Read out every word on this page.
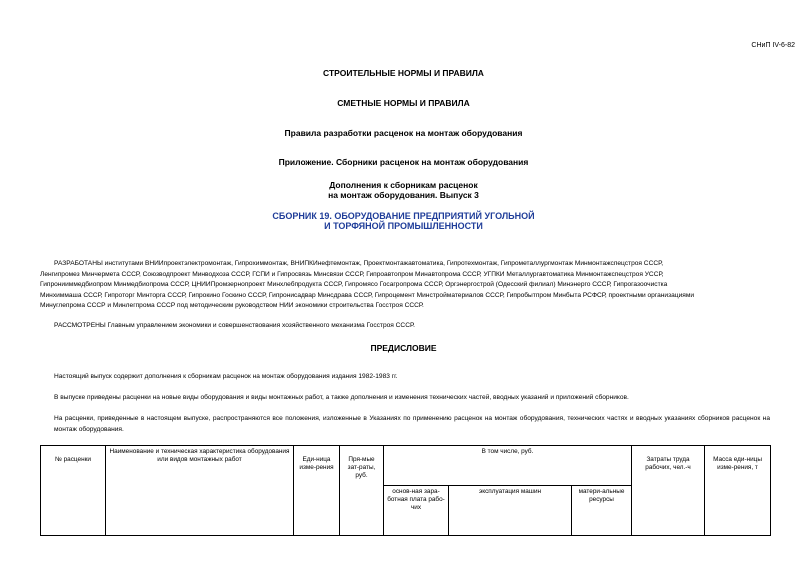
СНиП IV-6-82
СТРОИТЕЛЬНЫЕ НОРМЫ И ПРАВИЛА
СМЕТНЫЕ НОРМЫ И ПРАВИЛА
Правила разработки расценок на монтаж оборудования
Приложение. Сборники расценок на монтаж оборудования
Дополнения к сборникам расценок
на монтаж оборудования. Выпуск 3
СБОРНИК 19. ОБОРУДОВАНИЕ ПРЕДПРИЯТИЙ УГОЛЬНОЙ
И ТОРФЯНОЙ ПРОМЫШЛЕННОСТИ
РАЗРАБОТАНЫ институтами ВНИИпроектэлектромонтаж, Гипрохиммонтаж, ВНИПКИнефтемонтаж, Проектмонтажавтоматика, Гипротехмонтаж, Гипрометаллургмонтаж Минмонтажспецстроя СССР,
Ленгипромез Минчермета СССР, Союзводпроект Минводхоза СССР, ГСПИ и Гипросвязь Минсвязи СССР, Гипроавтопром Минавтопрома СССР, УГПКИ Металлургавтоматика Минмонтажспецстроя УССР,
Гипронииммедбиопром Минмедбиопрома СССР, ЦНИИПромзернопроект Минхлебпродукта СССР, Гипромясо Госагропрома СССР, Оргэнергострой (Одесский филиал) Минэнерго СССР, Гипрогазоочистка
Минхиммаша СССР, Гипроторг Минторга СССР, Гипрокино Госкино СССР, Гипронисадвар Минсдрава СССР, Гипроцемент Минстройматериалов СССР, Гипробытпром Минбыта РСФСР, проектными организациями
Минуглепрома СССР и Минлегпрома СССР под методическим руководством НИИ экономики строительства Госстроя СССР.
РАССМОТРЕНЫ Главным управлением экономики и совершенствования хозяйственного механизма Госстроя СССР.
ПРЕДИСЛОВИЕ
Настоящий выпуск содержит дополнения к сборникам расценок на монтаж оборудования издания 1982-1983 гг.
В выпуске приведены расценки на новые виды оборудования и виды монтажных работ, а также дополнения и изменения технических частей, вводных указаний и приложений сборников.
На расценки, приведенные в настоящем выпуске, распространяются все положения, изложенные в Указаниях по применению расценок на монтаж оборудования, технических частях и вводных указаниях сборников расценок на монтаж оборудования.
№ расценки	Наименование и техническая характеристика оборудования или видов монтажных работ	Еди-ница изме-рения	Пря-мые зат-раты, руб.	В том числе, руб.			Затраты труда рабочих, чел.-ч	Масса еди-ницы изме-рения, т
				основ-ная зара-ботная плата рабо-чих	эксплуатация машин	матери-альные ресурсы		
